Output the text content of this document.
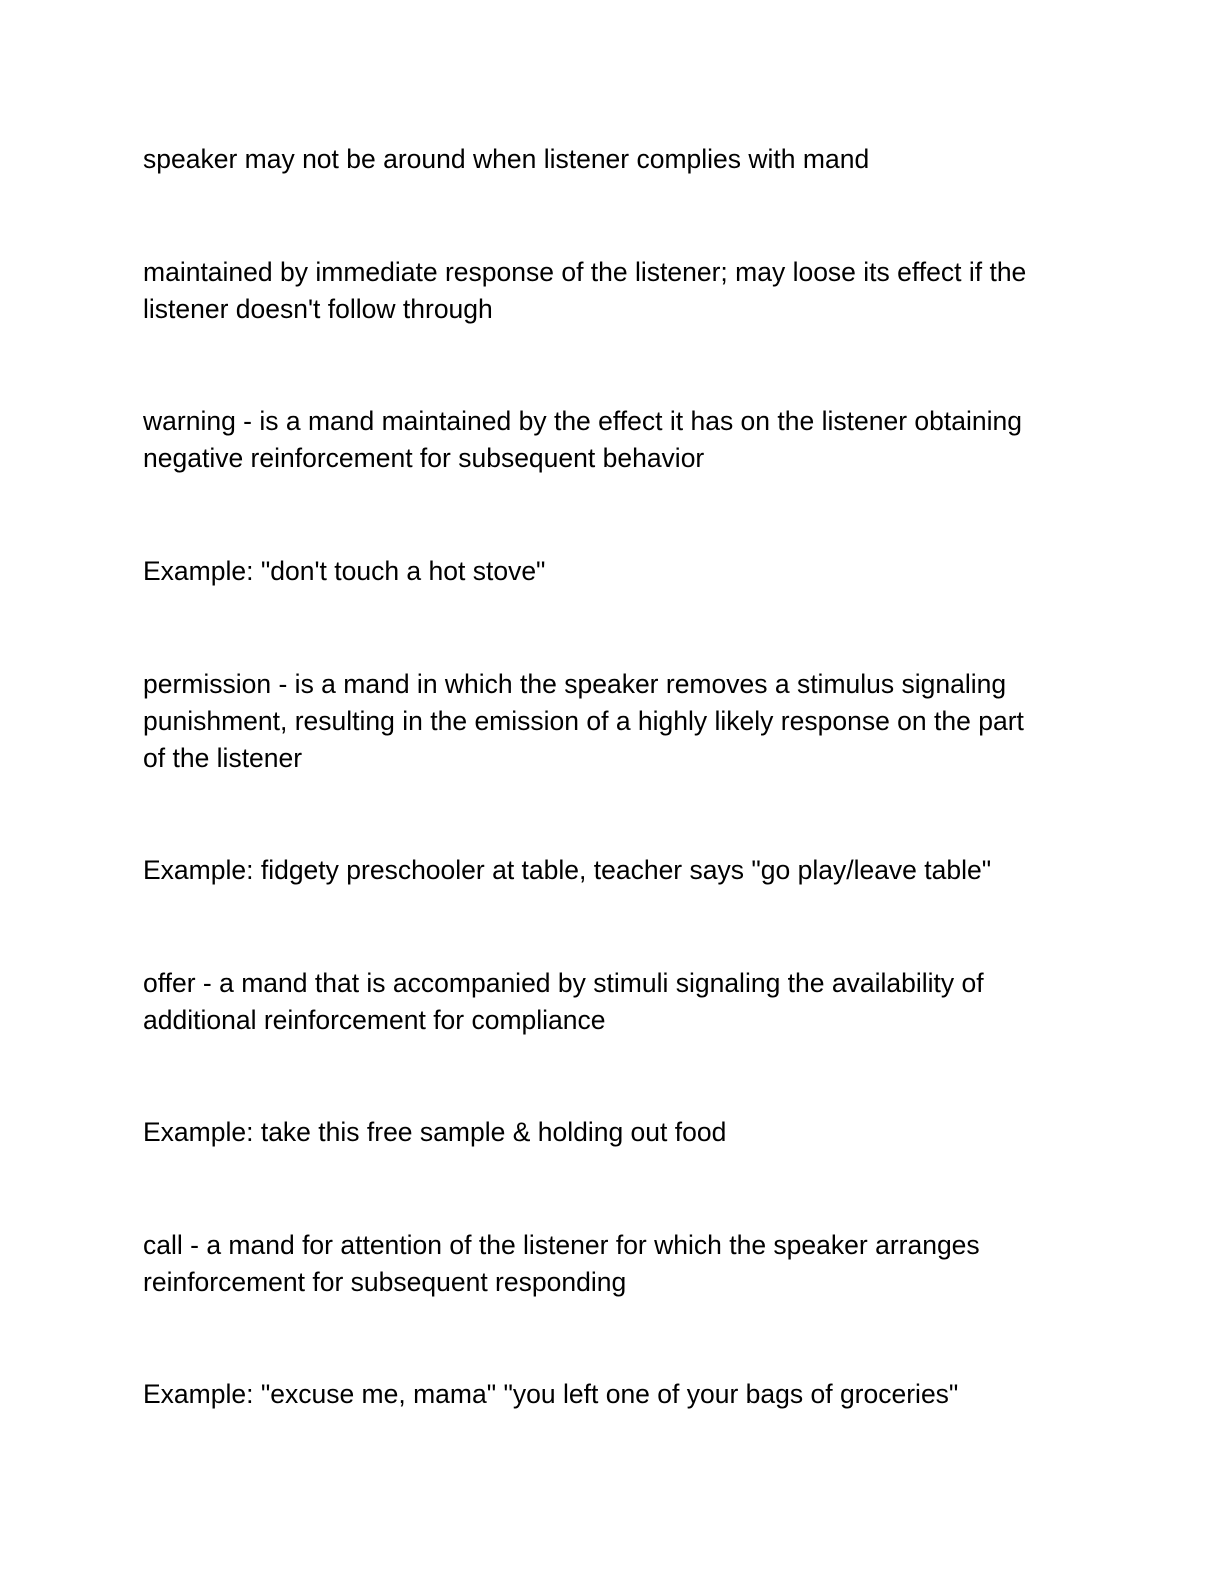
speaker may not be around when listener complies with mand

maintained by immediate response of the listener; may loose its effect if the
listener doesn't follow through

warning - is a mand maintained by the effect it has on the listener obtaining
negative reinforcement for subsequent behavior

Example: "don't touch a hot stove"

permission - is a mand in which the speaker removes a stimulus signaling
punishment, resulting in the emission of a highly likely response on the part
of the listener

Example: fidgety preschooler at table, teacher says "go play/leave table"

offer - a mand that is accompanied by stimuli signaling the availability of
additional reinforcement for compliance

Example: take this free sample & holding out food

call - a mand for attention of the listener for which the speaker arranges
reinforcement for subsequent responding

Example: "excuse me, mama" "you left one of your bags of groceries"
